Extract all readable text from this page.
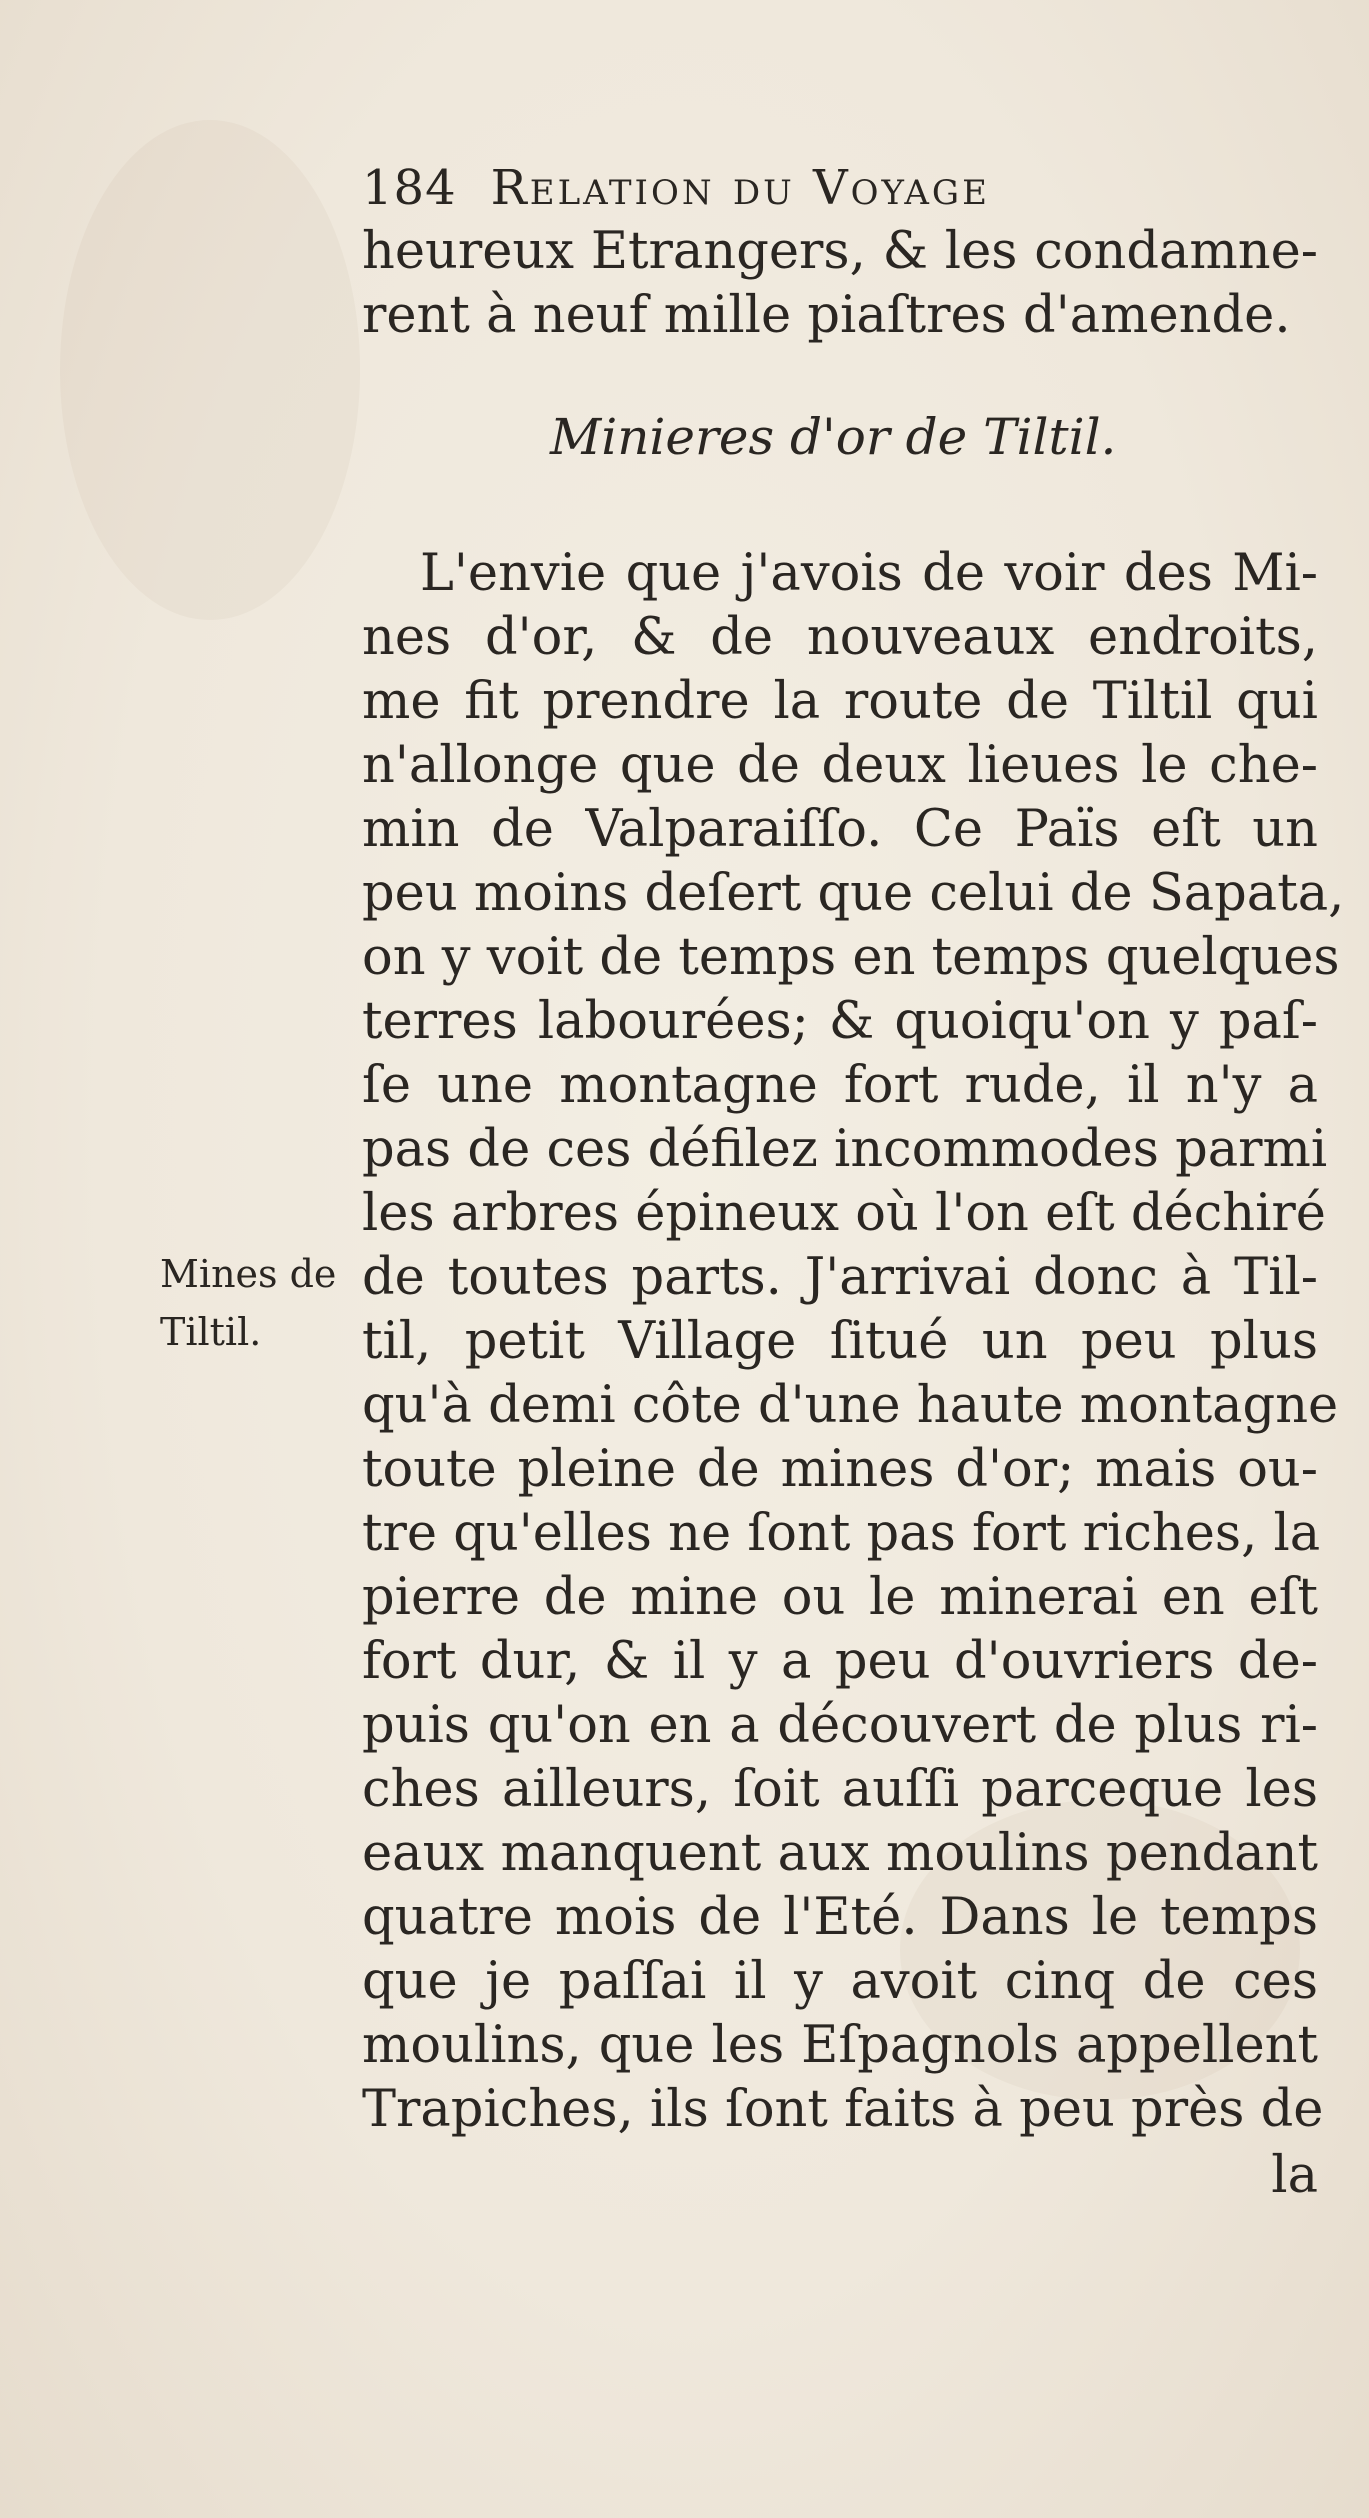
184 Relation du Voyage
heureux Etrangers, & les condamne-
rent à neuf mille piaſtres d'amende.
Minieres d'or de Tiltil.
L'envie que j'avois de voir des Mi-
nes d'or, & de nouveaux endroits,
me fit prendre la route de Tiltil qui
n'allonge que de deux lieues le che-
min de Valparaiſſo. Ce Païs eſt un
peu moins deſert que celui de Sapata,
on y voit de temps en temps quelques
terres labourées; & quoiqu'on y paſ-
ſe une montagne fort rude, il n'y a
pas de ces défilez incommodes parmi
les arbres épineux où l'on eſt déchiré
de toutes parts. J'arrivai donc à Til-
til, petit Village ſitué un peu plus
qu'à demi côte d'une haute montagne
toute pleine de mines d'or; mais ou-
tre qu'elles ne ſont pas fort riches, la
pierre de mine ou le minerai en eſt
fort dur, & il y a peu d'ouvriers de-
puis qu'on en a découvert de plus ri-
ches ailleurs, ſoit auſſi parceque les
eaux manquent aux moulins pendant
quatre mois de l'Eté. Dans le temps
que je paſſai il y avoit cinq de ces
moulins, que les Eſpagnols appellent
Trapiches, ils ſont faits à peu près de
Mines de
Tiltil.
la
